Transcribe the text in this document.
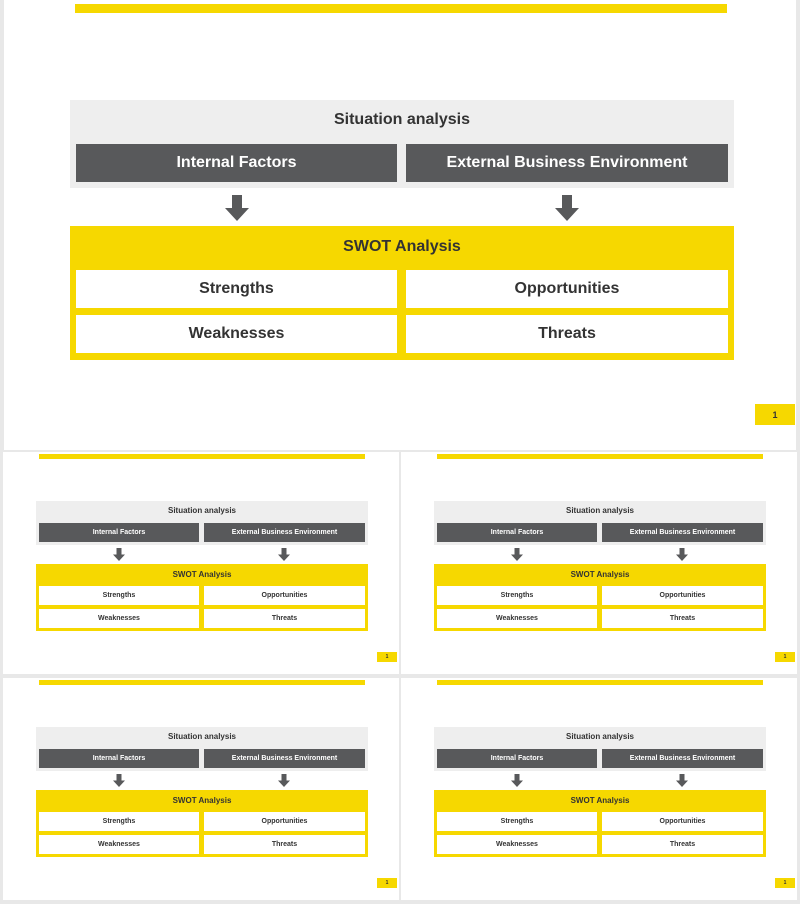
Situation analysis
Internal Factors	External Business Environment
SWOT Analysis
Strengths	Opportunities
Weaknesses	Threats
1
Situation analysis
Internal Factors	External Business Environment
SWOT Analysis
Strengths	Opportunities
Weaknesses	Threats
1
Situation analysis
Internal Factors	External Business Environment
SWOT Analysis
Strengths	Opportunities
Weaknesses	Threats
1
Situation analysis
Internal Factors	External Business Environment
SWOT Analysis
Strengths	Opportunities
Weaknesses	Threats
1
Situation analysis
Internal Factors	External Business Environment
SWOT Analysis
Strengths	Opportunities
Weaknesses	Threats
1
